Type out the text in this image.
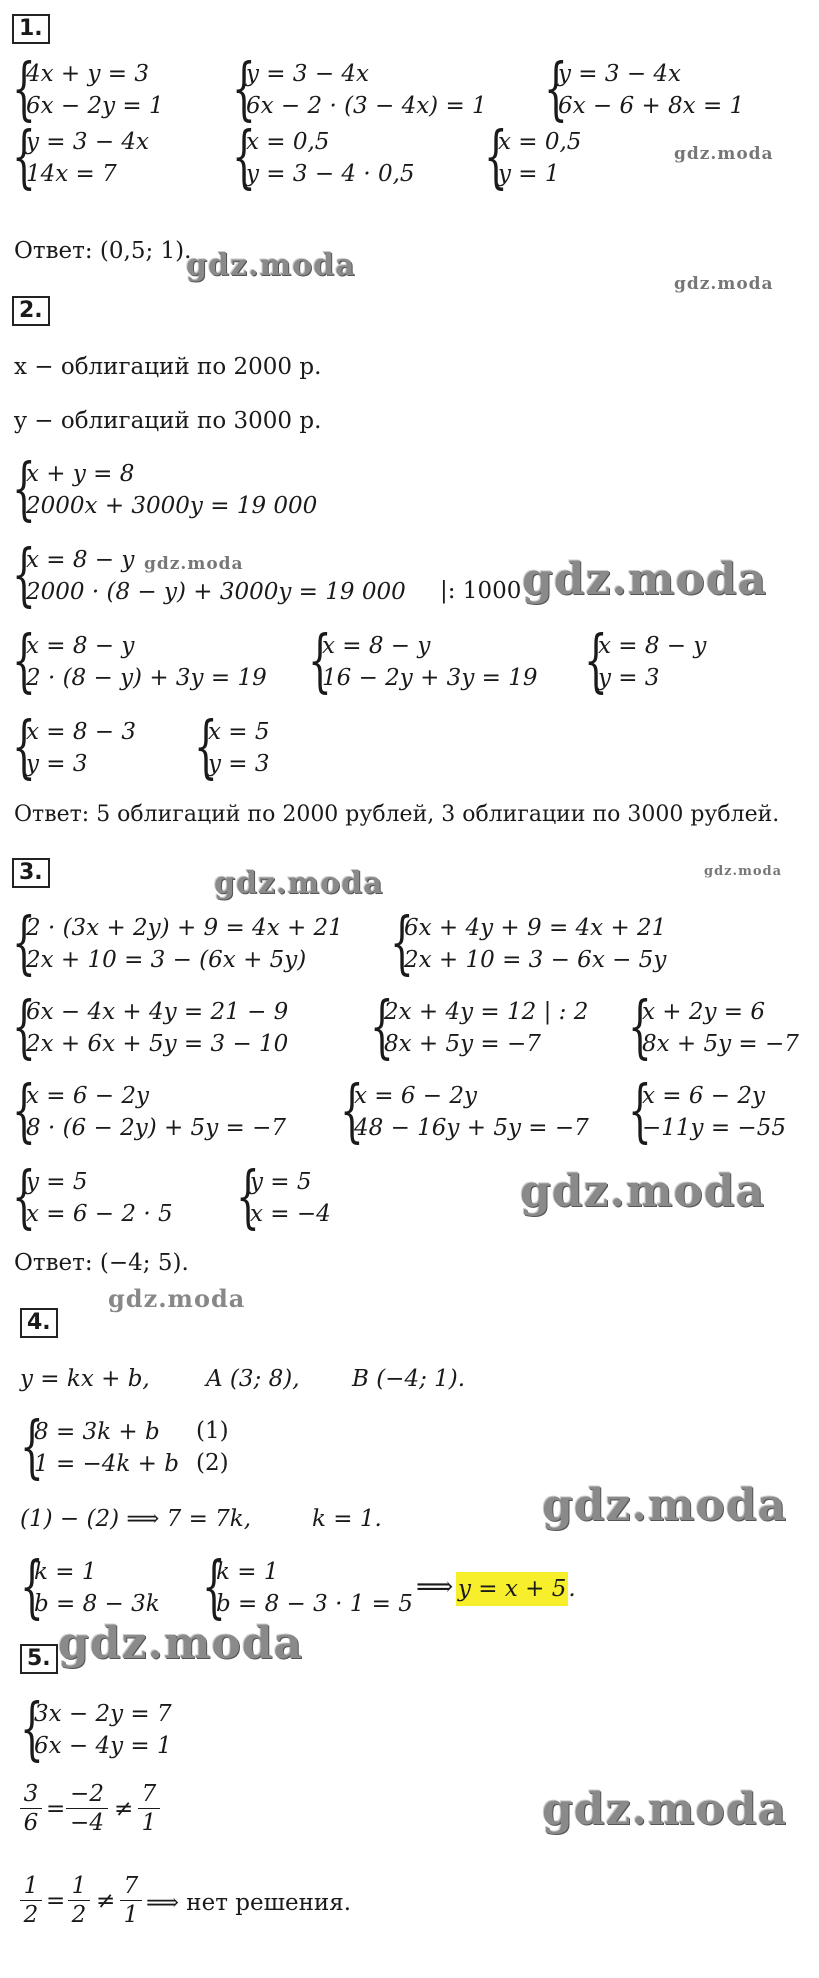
1.
{
4x + y = 3
6x − 2y = 1 {
y = 3 − 4x
6x − 2 · (3 − 4x) = 1 {
y = 3 − 4x
6x − 6 + 8x = 1
{
y = 3 − 4x
14x = 7 {
x = 0,5
y = 3 − 4 · 0,5 {
x = 0,5
y = 1
Ответ: (0,5; 1).
2.
x − облигаций по 2000 р.
y − облигаций по 3000 р.
{
x + y = 8
2000x + 3000y = 19 000
{
x = 8 − y
2000 · (8 − y) + 3000y = 19 000 |: 1000
{
x = 8 − y
2 · (8 − y) + 3y = 19 {
x = 8 − y
16 − 2y + 3y = 19 {
x = 8 − y
y = 3
{
x = 8 − 3
y = 3 {
x = 5
y = 3
Ответ: 5 облигаций по 2000 рублей, 3 облигации по 3000 рублей.
3.
{
2 · (3x + 2y) + 9 = 4x + 21
2x + 10 = 3 − (6x + 5y) {
6x + 4y + 9 = 4x + 21
2x + 10 = 3 − 6x − 5y
{
6x − 4x + 4y = 21 − 9
2x + 6x + 5y = 3 − 10 {
2x + 4y = 12 | : 2
8x + 5y = −7 {
x + 2y = 6
8x + 5y = −7
{
x = 6 − 2y
8 · (6 − 2y) + 5y = −7 {
x = 6 − 2y
48 − 16y + 5y = −7 {
x = 6 − 2y
−11y = −55
{
y = 5
x = 6 − 2 · 5 {
y = 5
x = −4
Ответ: (−4; 5).
4.
y = kx + b, A (3; 8), B (−4; 1).
{
8 = 3k + b
1 = −4k + b
(1)
(2)
(1) − (2) ⟹ 7 = 7k,	k = 1.
{
k = 1
b = 8 − 3k {
k = 1
b = 8 − 3 · 1 = 5
⟹ y = x + 5.
5.
{
3x − 2y = 7
6x − 4y = 1
$\frac{3}{6} = \frac{-2}{-4} \ne \frac{7}{1}$
$\frac{1}{2} = \frac{1}{2} \ne \frac{7}{1}$ ⟹ нет решения.
gdz.moda
gdz.moda
gdz.moda
gdz.moda	gdz.moda
gdz.moda
gdz.moda
gdz.moda
gdz.moda
gdz.moda
gdz.moda
gdz.moda
